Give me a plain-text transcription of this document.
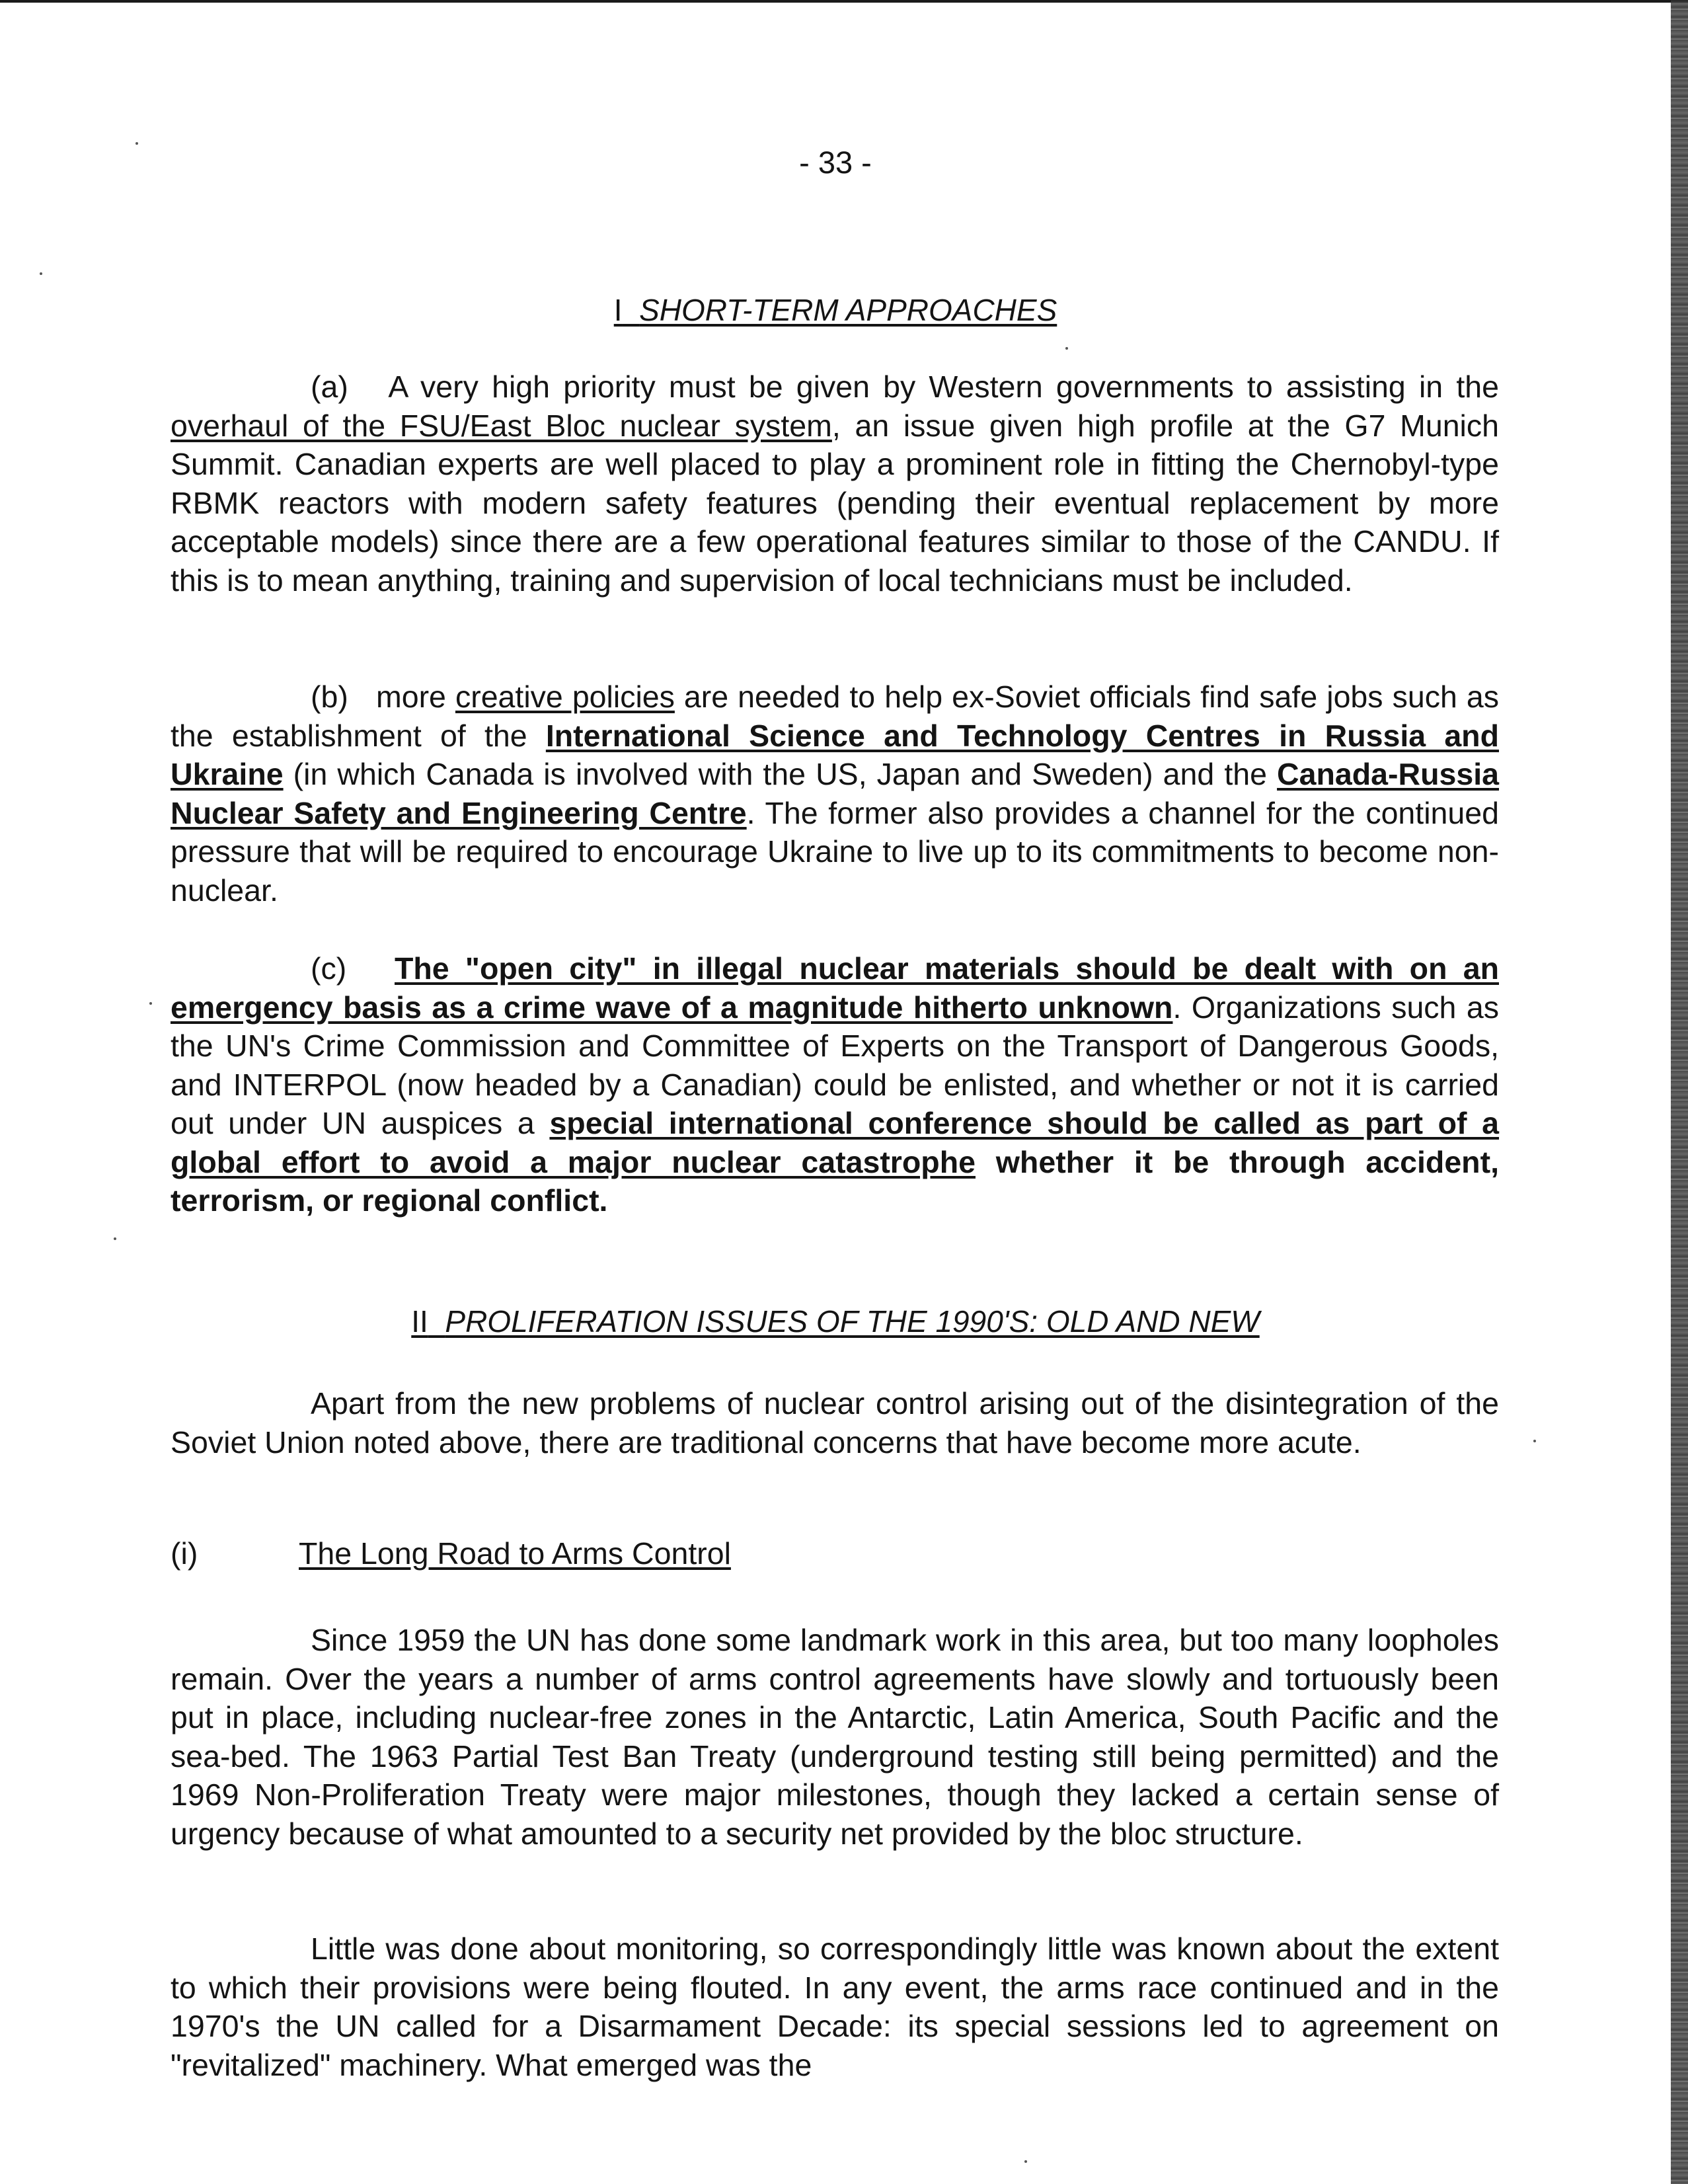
- 33 -
I SHORT-TERM APPROACHES

(a) A very high priority must be given by Western governments to assisting in the overhaul of the FSU/East Bloc nuclear system, an issue given high profile at the G7 Munich Summit. Canadian experts are well placed to play a prominent role in fitting the Chernobyl-type RBMK reactors with modern safety features (pending their eventual replacement by more acceptable models) since there are a few operational features similar to those of the CANDU. If this is to mean anything, training and supervision of local technicians must be included.

(b) more creative policies are needed to help ex-Soviet officials find safe jobs such as the establishment of the International Science and Technology Centres in Russia and Ukraine (in which Canada is involved with the US, Japan and Sweden) and the Canada-Russia Nuclear Safety and Engineering Centre. The former also provides a channel for the continued pressure that will be required to encourage Ukraine to live up to its commitments to become non-nuclear.

(c) The "open city" in illegal nuclear materials should be dealt with on an emergency basis as a crime wave of a magnitude hitherto unknown. Organizations such as the UN's Crime Commission and Committee of Experts on the Transport of Dangerous Goods, and INTERPOL (now headed by a Canadian) could be enlisted, and whether or not it is carried out under UN auspices a special international conference should be called as part of a global effort to avoid a major nuclear catastrophe whether it be through accident, terrorism, or regional conflict.

II PROLIFERATION ISSUES OF THE 1990'S: OLD AND NEW

Apart from the new problems of nuclear control arising out of the disintegration of the Soviet Union noted above, there are traditional concerns that have become more acute.

(i)	The Long Road to Arms Control

Since 1959 the UN has done some landmark work in this area, but too many loopholes remain. Over the years a number of arms control agreements have slowly and tortuously been put in place, including nuclear-free zones in the Antarctic, Latin America, South Pacific and the sea-bed. The 1963 Partial Test Ban Treaty (underground testing still being permitted) and the 1969 Non-Proliferation Treaty were major milestones, though they lacked a certain sense of urgency because of what amounted to a security net provided by the bloc structure.

Little was done about monitoring, so correspondingly little was known about the extent to which their provisions were being flouted. In any event, the arms race continued and in the 1970's the UN called for a Disarmament Decade: its special sessions led to agreement on "revitalized" machinery. What emerged was the
